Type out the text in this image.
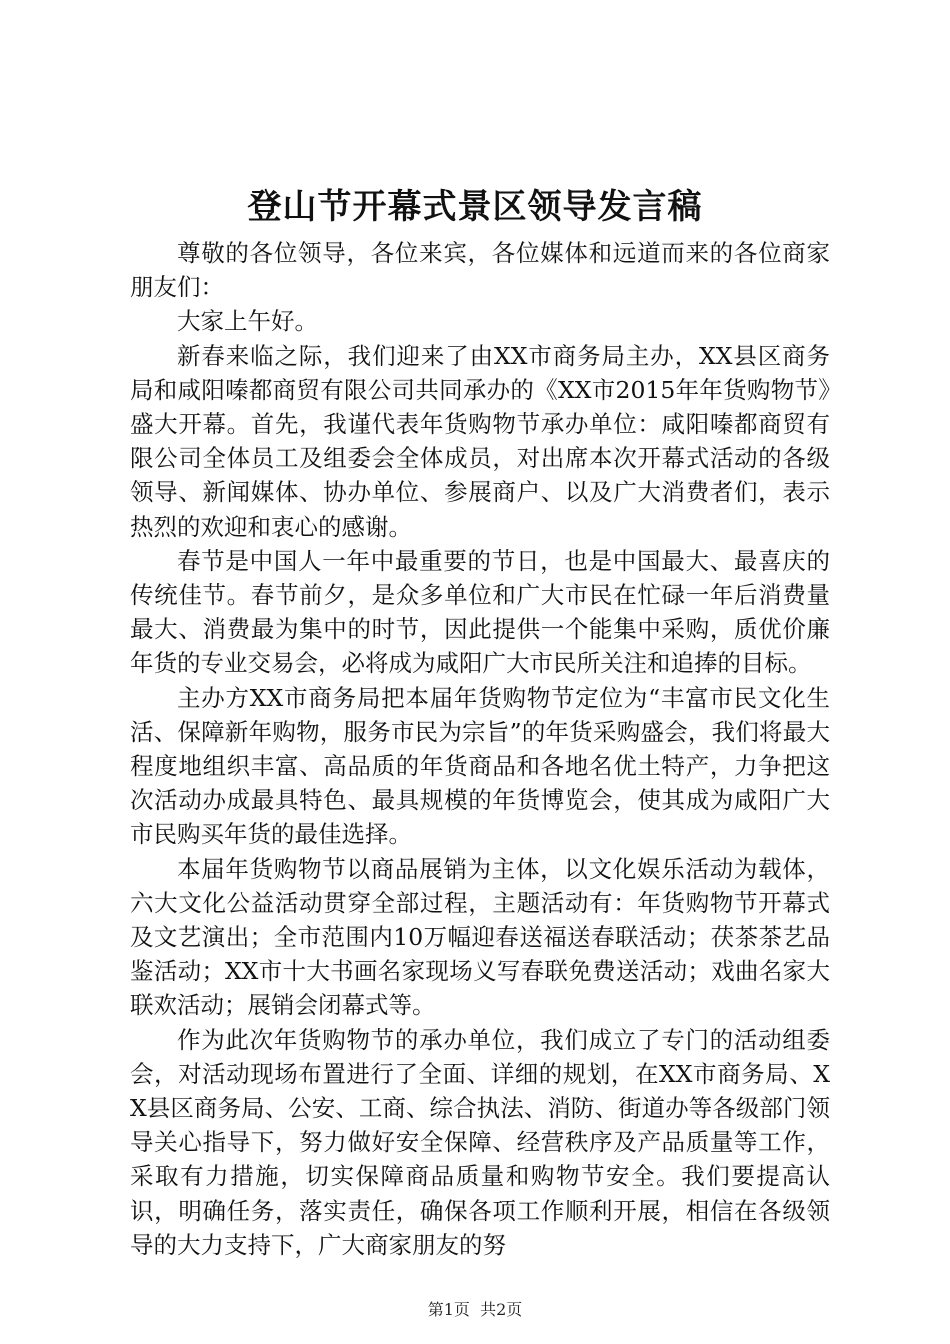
登山节开幕式景区领导发言稿

尊敬的各位领导，各位来宾，各位媒体和远道而来的各位商家朋友们：

大家上午好。

新春来临之际，我们迎来了由XX市商务局主办，XX县区商务局和咸阳嗪都商贸有限公司共同承办的《XX市2015年年货购物节》盛大开幕。首先，我谨代表年货购物节承办单位：咸阳嗪都商贸有限公司全体员工及组委会全体成员，对出席本次开幕式活动的各级领导、新闻媒体、协办单位、参展商户、以及广大消费者们，表示热烈的欢迎和衷心的感谢。

春节是中国人一年中最重要的节日，也是中国最大、最喜庆的传统佳节。春节前夕，是众多单位和广大市民在忙碌一年后消费量最大、消费最为集中的时节，因此提供一个能集中采购，质优价廉年货的专业交易会，必将成为咸阳广大市民所关注和追捧的目标。

主办方XX市商务局把本届年货购物节定位为“丰富市民文化生活、保障新年购物，服务市民为宗旨”的年货采购盛会，我们将最大程度地组织丰富、高品质的年货商品和各地名优土特产，力争把这次活动办成最具特色、最具规模的年货博览会，使其成为咸阳广大市民购买年货的最佳选择。

本届年货购物节以商品展销为主体，以文化娱乐活动为载体，六大文化公益活动贯穿全部过程，主题活动有：年货购物节开幕式及文艺演出；全市范围内10万幅迎春送福送春联活动；茯茶茶艺品鉴活动；XX市十大书画名家现场义写春联免费送活动；戏曲名家大联欢活动；展销会闭幕式等。

作为此次年货购物节的承办单位，我们成立了专门的活动组委会，对活动现场布置进行了全面、详细的规划，在XX市商务局、XX县区商务局、公安、工商、综合执法、消防、街道办等各级部门领导关心指导下，努力做好安全保障、经营秩序及产品质量等工作，采取有力措施，切实保障商品质量和购物节安全。我们要提高认识，明确任务，落实责任，确保各项工作顺利开展，相信在各级领导的大力支持下，广大商家朋友的努

第1页 共2页
